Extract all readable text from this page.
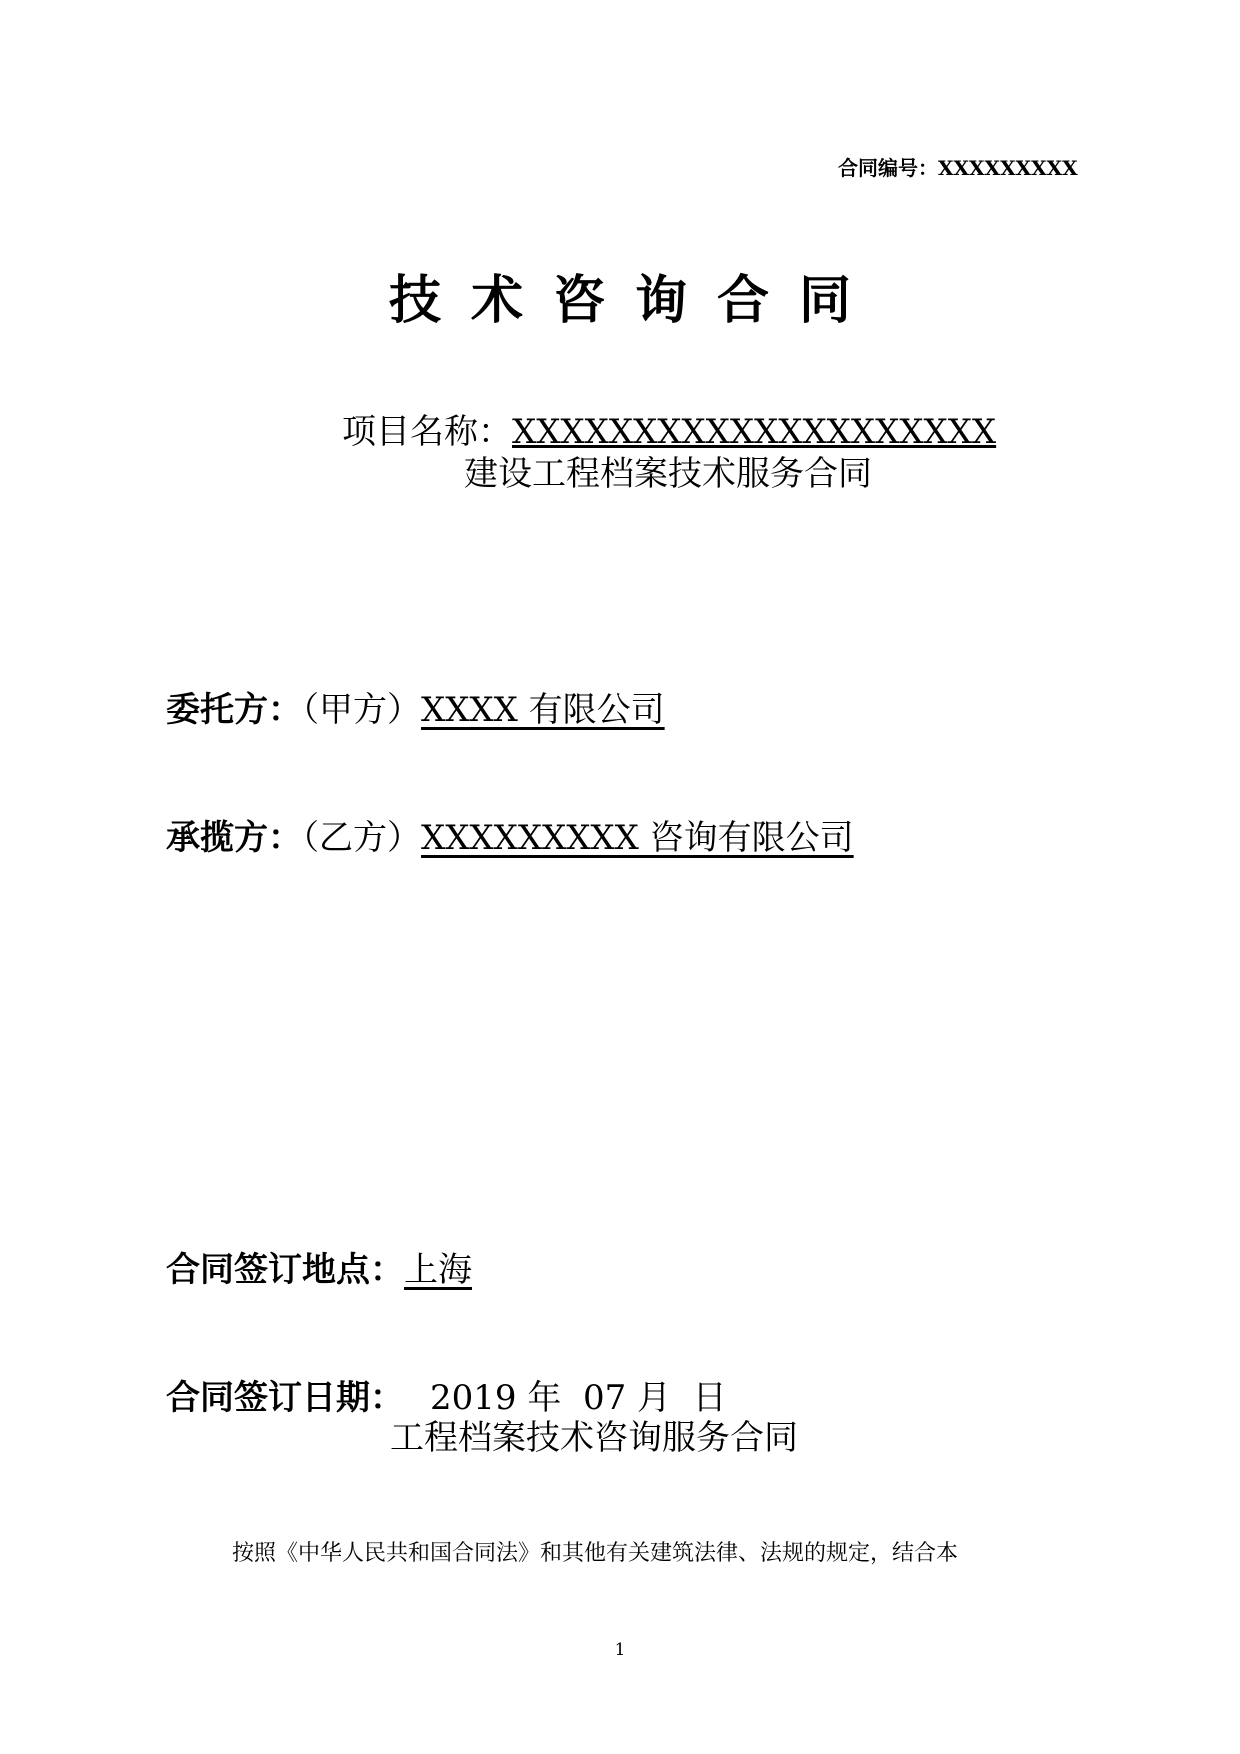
合同编号：XXXXXXXXX
技术咨询合同
项目名称：XXXXXXXXXXXXXXXXXXXX
建设工程档案技术服务合同
委托方：（甲方）XXXX 有限公司
承揽方：（乙方）XXXXXXXXX 咨询有限公司
合同签订地点：上海
合同签订日期： 2019 年  07 月  日
工程档案技术咨询服务合同
按照《中华人民共和国合同法》和其他有关建筑法律、法规的规定，结合本
1
